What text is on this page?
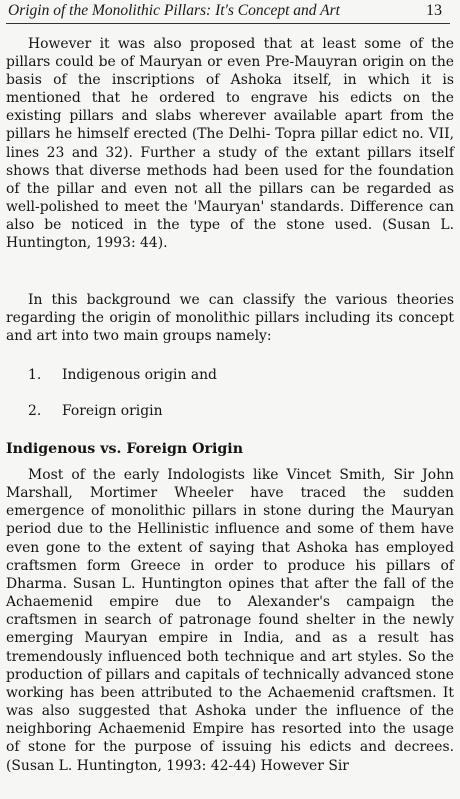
Origin of the Monolithic Pillars: It's Concept and Art	13

However it was also proposed that at least some of the pillars could be of Mauryan or even Pre-Mauyran origin on the basis of the inscriptions of Ashoka itself, in which it is mentioned that he ordered to engrave his edicts on the existing pillars and slabs wherever available apart from the pillars he himself erected (The Delhi- Topra pillar edict no. VII, lines 23 and 32). Further a study of the extant pillars itself shows that diverse methods had been used for the foundation of the pillar and even not all the pillars can be regarded as well-polished to meet the 'Mauryan' standards. Difference can also be noticed in the type of the stone used. (Susan L. Huntington, 1993: 44).

In this background we can classify the various theories regarding the origin of monolithic pillars including its concept and art into two main groups namely:

1. Indigenous origin and
2. Foreign origin
Indigenous vs. Foreign Origin

Most of the early Indologists like Vincet Smith, Sir John Marshall, Mortimer Wheeler have traced the sudden emergence of monolithic pillars in stone during the Mauryan period due to the Hellinistic influence and some of them have even gone to the extent of saying that Ashoka has employed craftsmen form Greece in order to produce his pillars of Dharma. Susan L. Huntington opines that after the fall of the Achaemenid empire due to Alexander's campaign the craftsmen in search of patronage found shelter in the newly emerging Mauryan empire in India, and as a result has tremendously influenced both technique and art styles. So the production of pillars and capitals of technically advanced stone working has been attributed to the Achaemenid craftsmen. It was also suggested that Ashoka under the influence of the neighboring Achaemenid Empire has resorted into the usage of stone for the purpose of issuing his edicts and decrees. (Susan L. Huntington, 1993: 42-44) However Sir
